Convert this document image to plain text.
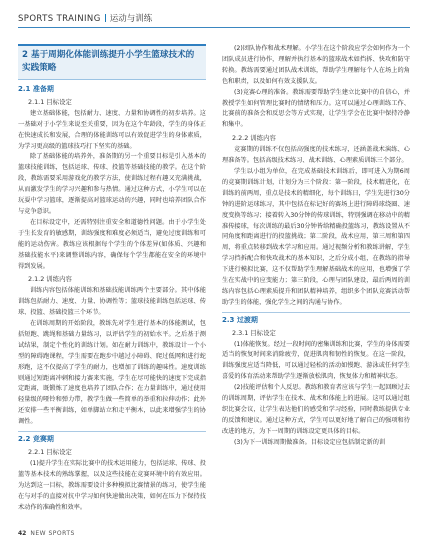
SPORTS TRAINING 运动与训练
2 基于周期化体能训练提升小学生篮球技术的实践策略
2.1 准备期
2.1.1 目标设定

建立基础体能，包括耐力、速度、力量和协调性的初步培养。这一基础对于小学生来说至关重要，因为在这个年龄段，学生的身体正在快速成长和发展，合理的体能训练可以有效促进学生的身体素质，为学习更高级的篮球技巧打下坚实的基础。

除了基础体能的培养外，准备期的另一个重要目标是引入基本的篮球技能训练，包括运球、传球、投篮等基础技能的教学。在这个阶段，教练需要采用游戏化的教学方法，使训练过程有趣又充满挑战，从而激发学生的学习兴趣和参与热情。通过这种方式，小学生可以在玩耍中学习篮球，逐渐提高对篮球运动的兴趣，同时也培养团队合作与竞争意识。

在目标设定中，还需特别注重安全和道德性问题。由于小学生处于生长发育的敏感期，训练强度和难度必须适当，避免过度训练和可能的运动伤害。教练应该根据每个学生的个体差异(如体质、兴趣和基础技能水平)来调整训练内容，确保每个学生都能在安全的环境中得到发展。

2.1.2 训练内容

训练内容包括体能训练和基础技能训练两个主要部分。其中体能训练包括耐力、速度、力量、协调性等；篮球技能训练包括运球、传球、投篮、基础投篮三个环节。

在训练周期的开始阶段，教练先对学生进行基本的体能测试，包括短跑、跳绳和基础力量练习，以评估学生的初始水平。之后基于测试结果，制定个性化的训练计划。如在耐力训练中，教练设计一个小型的障碍跑课程，学生需要在跑步中越过小障碍、爬过低网和进行蛇形跑，这不仅提高了学生的耐力，也增加了训练的趣味性。速度训练则通过短距离冲刺和接力赛来实施，学生在尽可能快的速度下完成指定距离，既锻炼了速度也培养了团队合作；在力量训练中，通过使用轻量级的哑铃和弹力带，教学生做一些简单的举重和拉伸动作；此外还安排一些平衡训练，如单脚站立和走平衡木，以此来增强学生的协调性。

2.2 竞赛期
2.2.1 目标设定

(1)提升学生在实际比赛中的技术运用能力，包括运球、传球、投篮等基本技术的熟练掌握，以及这些技能在竞赛环境中的有效应用。为达到这一目标，教练需要设计多种模拟比赛情景的练习，使学生能在与对手的直接对抗中学习如何快速做出决策，如何在压力下保持技术动作的准确性和效率。

(2)团队协作和战术理解。小学生在这个阶段应学会如何作为一个团队成员进行协作，理解并执行基本的篮球战术如挡拆、快攻和防守转换。教练需要通过团队战术训练，帮助学生理解每个人在场上的角色和职责，以及如何有效支援队友。

(3)竞赛心理的准备。教练需要帮助学生建立比赛中的自信心，并教授学生如何管理比赛时的情绪和压力。这可以通过心理训练工作、比赛前的准备会和反思会等方式实现，让学生学会在比赛中保持冷静和集中。

2.2.2 训练内容

竞赛期的训练不仅包括高强度的技术练习，还涵盖战术演练、心理准备等。包括高级技术练习、战术训练、心理素质训练三个部分。

学生以小组为单位，在完成基础技术训练后，即可进入为期6周的竞赛期训练计划，计划分为三个阶段：第一阶段，技术精进化，在训练的前两周，重点是技术的精细化，每个训练日，学生先进行30分钟的进阶运球练习，其中包括在标记好的赛场上进行障碍球绕圈、速度变换等练习；接着转入30分钟的传球训练，特别强调在移动中的精准传接球，每次训练的最后30分钟皆给精确投篮练习，教练设置从不同角度和距离进行的投篮挑战；第二阶段，战术应用，第三周和第四周，将重点转移到战术学习和应用。通过视频分析和教练讲解，学生学习挡拆配合和快攻战术的基本知识，之后分成小组，在教练的指导下进行模拟比赛，这不仅帮助学生理解基础战术的应用，也增强了学生在实战中的应变能力；第三阶段，心理与团队建设，最后两周的训练内容包括心理素质提升和团队精神培养，组织多个团队竞赛活动帮助学生的体能，强化学生之间的沟通与协作。

2.3 过渡期
2.3.1 目标设定

(1)体能恢复。经过一段时间的密集训练和比赛，学生的身体需要适当的恢复时间来消除疲劳，促进肌肉和韧性的恢复。在这一阶段，训练强度应适当降低，可以通过轻松的活动如慢跑、游泳或任何学生喜爱的体育活动来帮助学生逐渐放松肌肉，恢复体力和精神状态。

(2)技能评估和个人反思。教练和教育者应该与学生一起回顾过去的训练周期，评估学生在技术、战术和体能上的进展。这可以通过组织比赛会议，让学生表达他们的感受和学习经验，同时教练提供专业的反馈和建议。通过这种方式，学生可以更好地了解自己的强项和待改进的地方，为下一周期的训练设定更具体的目标。

(3)为下一训练周期做准备。目标设定应包括制定新的训

42 NEW SPORTS
